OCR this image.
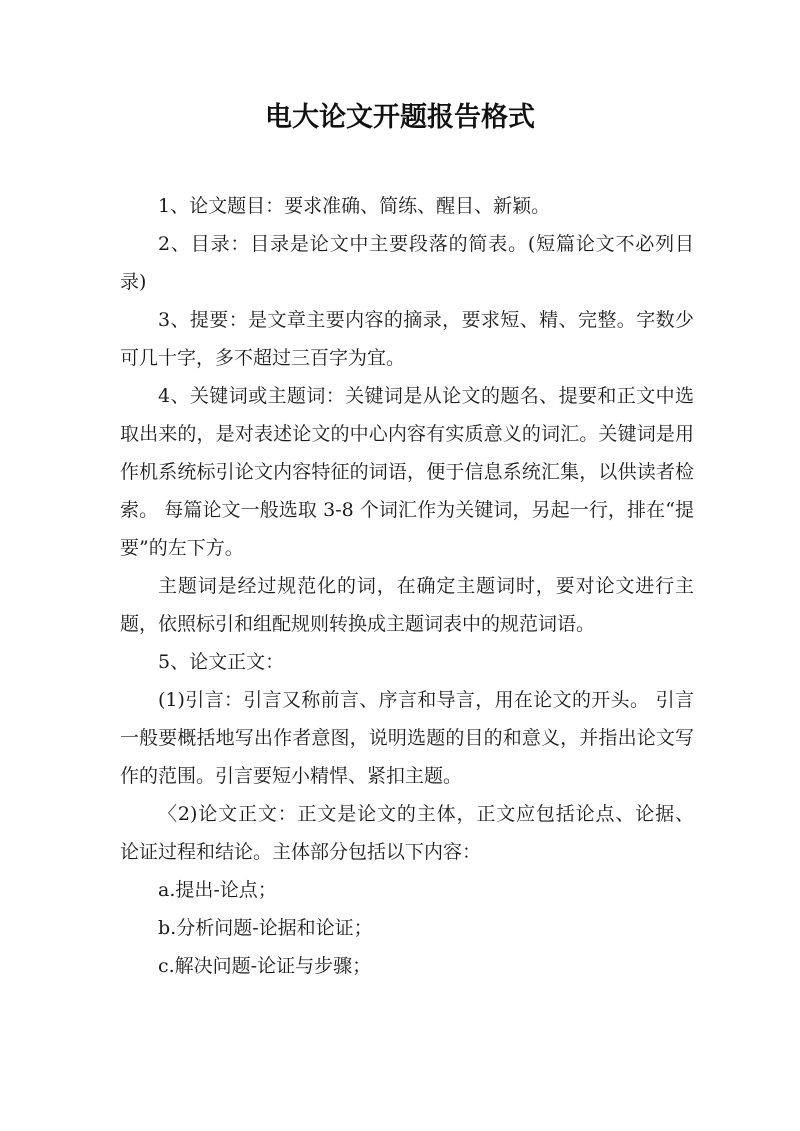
电大论文开题报告格式

1、论文题目：要求准确、简练、醒目、新颖。

2、目录：目录是论文中主要段落的简表。(短篇论文不必列目录)

3、提要：是文章主要内容的摘录，要求短、精、完整。字数少可几十字，多不超过三百字为宜。

4、关键词或主题词：关键词是从论文的题名、提要和正文中选取出来的，是对表述论文的中心内容有实质意义的词汇。关键词是用作机系统标引论文内容特征的词语，便于信息系统汇集，以供读者检索。 每篇论文一般选取 3-8 个词汇作为关键词，另起一行，排在“提要”的左下方。

主题词是经过规范化的词，在确定主题词时，要对论文进行主题，依照标引和组配规则转换成主题词表中的规范词语。

5、论文正文：

(1)引言：引言又称前言、序言和导言，用在论文的开头。 引言一般要概括地写出作者意图，说明选题的目的和意义，并指出论文写作的范围。引言要短小精悍、紧扣主题。

〈2)论文正文：正文是论文的主体，正文应包括论点、论据、 论证过程和结论。主体部分包括以下内容：

a.提出-论点；

b.分析问题-论据和论证；

c.解决问题-论证与步骤；
